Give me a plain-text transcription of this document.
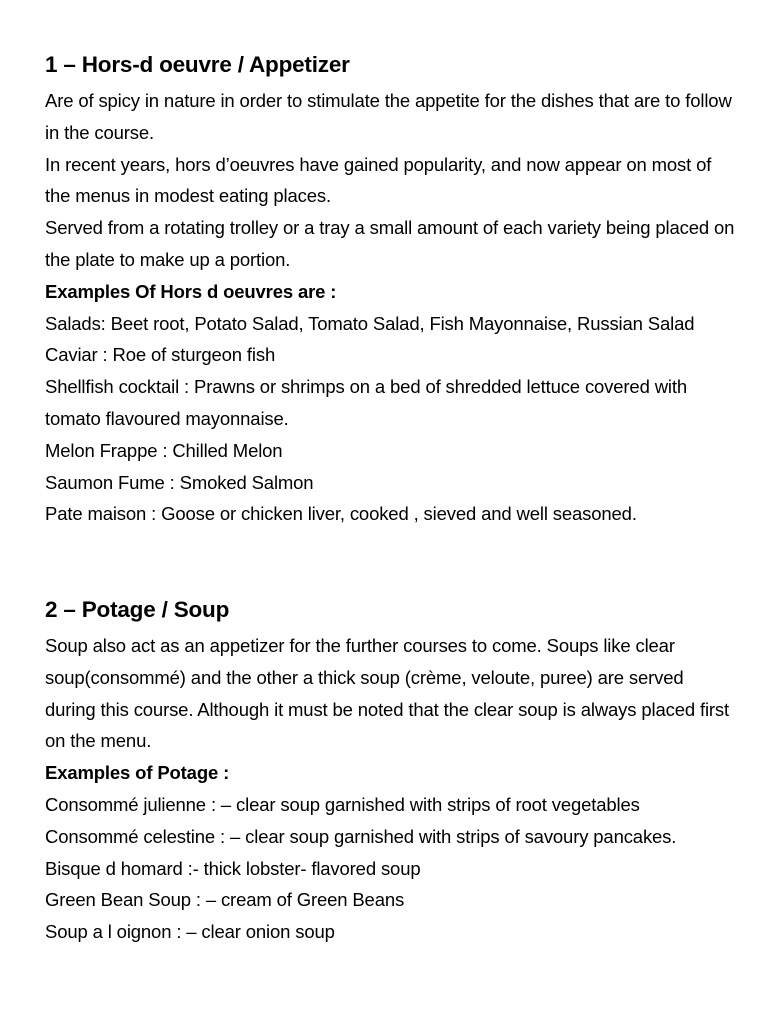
1 – Hors-d oeuvre / Appetizer

Are of spicy in nature in order to stimulate the appetite for the dishes that are to follow in the course.

In recent years, hors d’oeuvres have gained popularity, and now appear on most of the menus in modest eating places.

Served from a rotating trolley or a tray a small amount of each variety being placed on the plate to make up a portion.

Examples Of Hors d oeuvres are :

Salads: Beet root, Potato Salad, Tomato Salad, Fish Mayonnaise, Russian Salad

Caviar : Roe of sturgeon fish

Shellfish cocktail : Prawns or shrimps on a bed of shredded lettuce covered with tomato flavoured mayonnaise.

Melon Frappe : Chilled Melon

Saumon Fume : Smoked Salmon

Pate maison : Goose or chicken liver, cooked , sieved and well seasoned.

2 – Potage / Soup

Soup also act as an appetizer for the further courses to come. Soups like clear soup(consommé) and the other a thick soup (crème, veloute, puree) are served during this course. Although it must be noted that the clear soup is always placed first on the menu.

Examples of Potage :

Consommé julienne : – clear soup garnished with strips of root vegetables

Consommé celestine : – clear soup garnished with strips of savoury pancakes.

Bisque d homard :- thick lobster- flavored soup

Green Bean Soup : – cream of Green Beans

Soup a l oignon : – clear onion soup
